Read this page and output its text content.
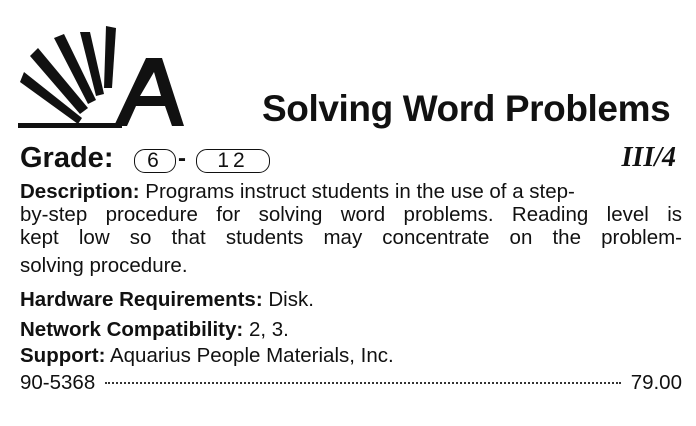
Solving Word Problems
Grade:	6 -	12	III/4
Description: Programs instruct students in the use of a step-
by-step procedure for solving word problems. Reading level is
kept low so that students may concentrate on the problem-
solving procedure.
Hardware Requirements: Disk.
Network Compatibility: 2, 3.
Support: Aquarius People Materials, Inc.
90-5368	79.00
